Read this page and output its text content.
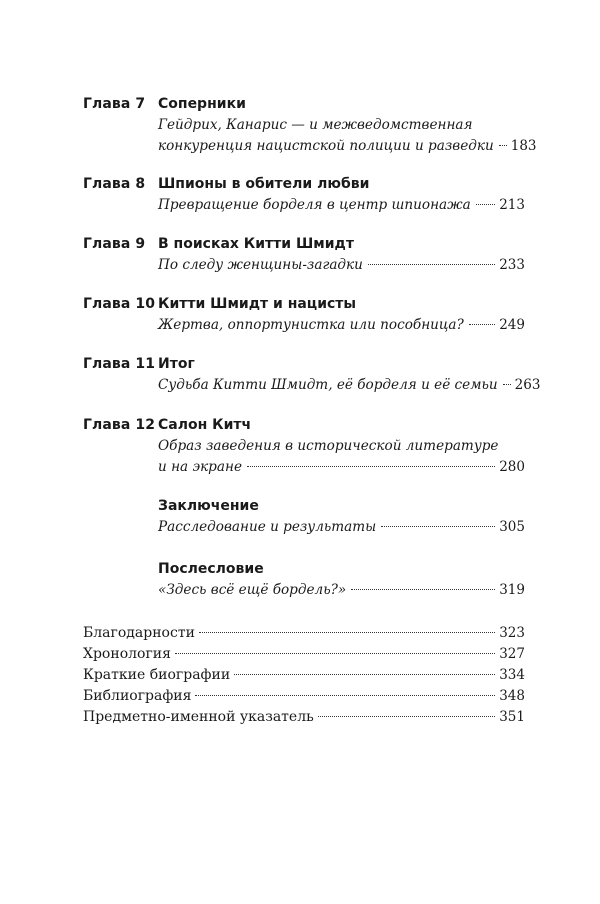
Глава 7 Соперники
Гейдрих, Канарис — и межведомственная
конкуренция нацистской полиции и разведки 183
Глава 8 Шпионы в обители любви
Превращение борделя в центр шпионажа 213
Глава 9 В поисках Китти Шмидт
По следу женщины-загадки	233
Глава 10 Китти Шмидт и нацисты
Жертва, оппортунистка или пособница?	249
Глава 11 Итог
Судьба Китти Шмидт, её борделя и её семьи 263
Глава 12 Салон Китч
Образ заведения в исторической литературе
и на экране	280
Заключение
Расследование и результаты	305
Послесловие
«Здесь всё ещё бордель?»	319
Благодарности	323
Хронология	327
Краткие биографии	334
Библиография	348
Предметно-именной указатель	351
